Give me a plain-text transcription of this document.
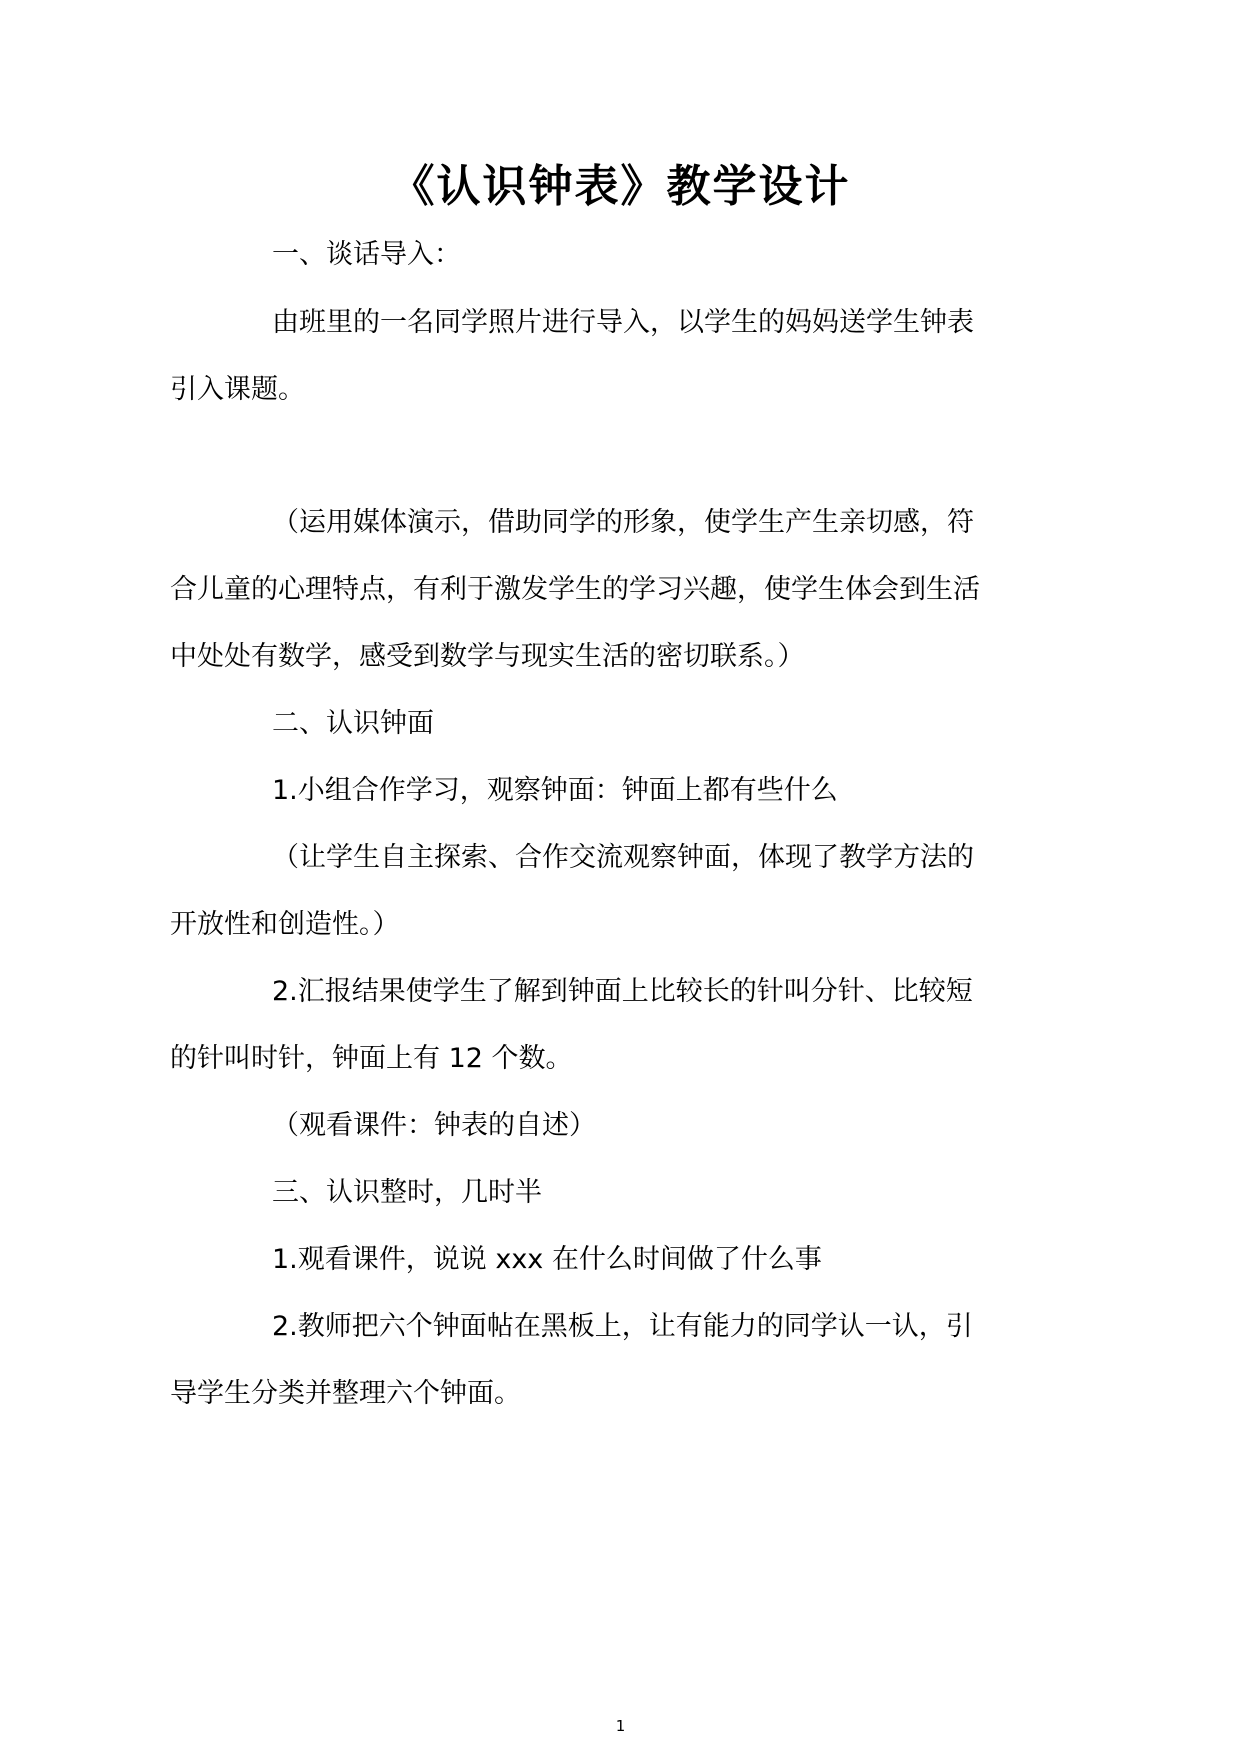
《认识钟表》教学设计
一、谈话导入：
由班里的一名同学照片进行导入，以学生的妈妈送学生钟表
引入课题。
（运用媒体演示，借助同学的形象，使学生产生亲切感，符
合儿童的心理特点，有利于激发学生的学习兴趣，使学生体会到生活
中处处有数学，感受到数学与现实生活的密切联系。）
二、认识钟面
1.小组合作学习，观察钟面：钟面上都有些什么
（让学生自主探索、合作交流观察钟面，体现了教学方法的
开放性和创造性。）
2.汇报结果使学生了解到钟面上比较长的针叫分针、比较短
的针叫时针，钟面上有 12 个数。
（观看课件：钟表的自述）
三、认识整时，几时半
1.观看课件，说说 xxx 在什么时间做了什么事
2.教师把六个钟面帖在黑板上，让有能力的同学认一认，引
导学生分类并整理六个钟面。
1
